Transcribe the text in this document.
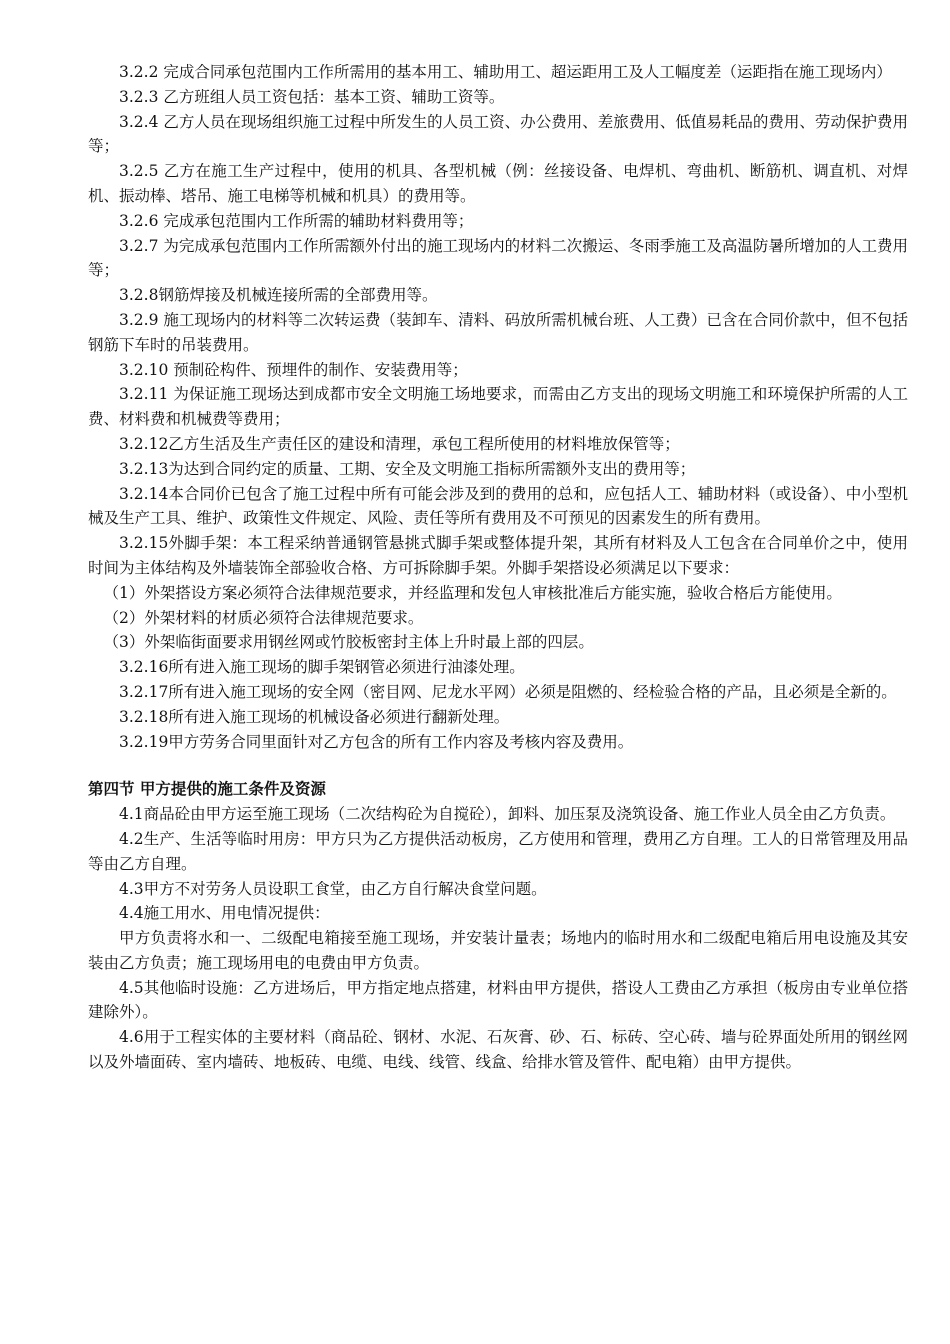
3.2.2 完成合同承包范围内工作所需用的基本用工、辅助用工、超运距用工及人工幅度差（运距指在施工现场内）

3.2.3 乙方班组人员工资包括：基本工资、辅助工资等。

3.2.4 乙方人员在现场组织施工过程中所发生的人员工资、办公费用、差旅费用、低值易耗品的费用、劳动保护费用等；

3.2.5 乙方在施工生产过程中，使用的机具、各型机械（例：丝接设备、电焊机、弯曲机、断筋机、调直机、对焊机、振动棒、塔吊、施工电梯等机械和机具）的费用等。

3.2.6 完成承包范围内工作所需的辅助材料费用等；

3.2.7 为完成承包范围内工作所需额外付出的施工现场内的材料二次搬运、冬雨季施工及高温防暑所增加的人工费用等；

3.2.8钢筋焊接及机械连接所需的全部费用等。

3.2.9 施工现场内的材料等二次转运费（装卸车、清料、码放所需机械台班、人工费）已含在合同价款中，但不包括钢筋下车时的吊装费用。

3.2.10 预制砼构件、预埋件的制作、安装费用等；

3.2.11 为保证施工现场达到成都市安全文明施工场地要求，而需由乙方支出的现场文明施工和环境保护所需的人工费、材料费和机械费等费用；

3.2.12乙方生活及生产责任区的建设和清理，承包工程所使用的材料堆放保管等；

3.2.13为达到合同约定的质量、工期、安全及文明施工指标所需额外支出的费用等；

3.2.14本合同价已包含了施工过程中所有可能会涉及到的费用的总和，应包括人工、辅助材料（或设备）、中小型机械及生产工具、维护、政策性文件规定、风险、责任等所有费用及不可预见的因素发生的所有费用。

3.2.15外脚手架：本工程采纳普通钢管悬挑式脚手架或整体提升架，其所有材料及人工包含在合同单价之中，使用时间为主体结构及外墙装饰全部验收合格、方可拆除脚手架。外脚手架搭设必须满足以下要求：

（1）外架搭设方案必须符合法律规范要求，并经监理和发包人审核批准后方能实施，验收合格后方能使用。

（2）外架材料的材质必须符合法律规范要求。

（3）外架临街面要求用钢丝网或竹胶板密封主体上升时最上部的四层。

3.2.16所有进入施工现场的脚手架钢管必须进行油漆处理。

3.2.17所有进入施工现场的安全网（密目网、尼龙水平网）必须是阻燃的、经检验合格的产品，且必须是全新的。

3.2.18所有进入施工现场的机械设备必须进行翻新处理。

3.2.19甲方劳务合同里面针对乙方包含的所有工作内容及考核内容及费用。

第四节 甲方提供的施工条件及资源

4.1商品砼由甲方运至施工现场（二次结构砼为自搅砼），卸料、加压泵及浇筑设备、施工作业人员全由乙方负责。

4.2生产、生活等临时用房：甲方只为乙方提供活动板房，乙方使用和管理，费用乙方自理。工人的日常管理及用品等由乙方自理。

4.3甲方不对劳务人员设职工食堂，由乙方自行解决食堂问题。

4.4施工用水、用电情况提供：

甲方负责将水和一、二级配电箱接至施工现场，并安装计量表；场地内的临时用水和二级配电箱后用电设施及其安装由乙方负责；施工现场用电的电费由甲方负责。

4.5其他临时设施：乙方进场后，甲方指定地点搭建，材料由甲方提供，搭设人工费由乙方承担（板房由专业单位搭建除外）。

4.6用于工程实体的主要材料（商品砼、钢材、水泥、石灰膏、砂、石、标砖、空心砖、墙与砼界面处所用的钢丝网以及外墙面砖、室内墙砖、地板砖、电缆、电线、线管、线盒、给排水管及管件、配电箱）由甲方提供。
